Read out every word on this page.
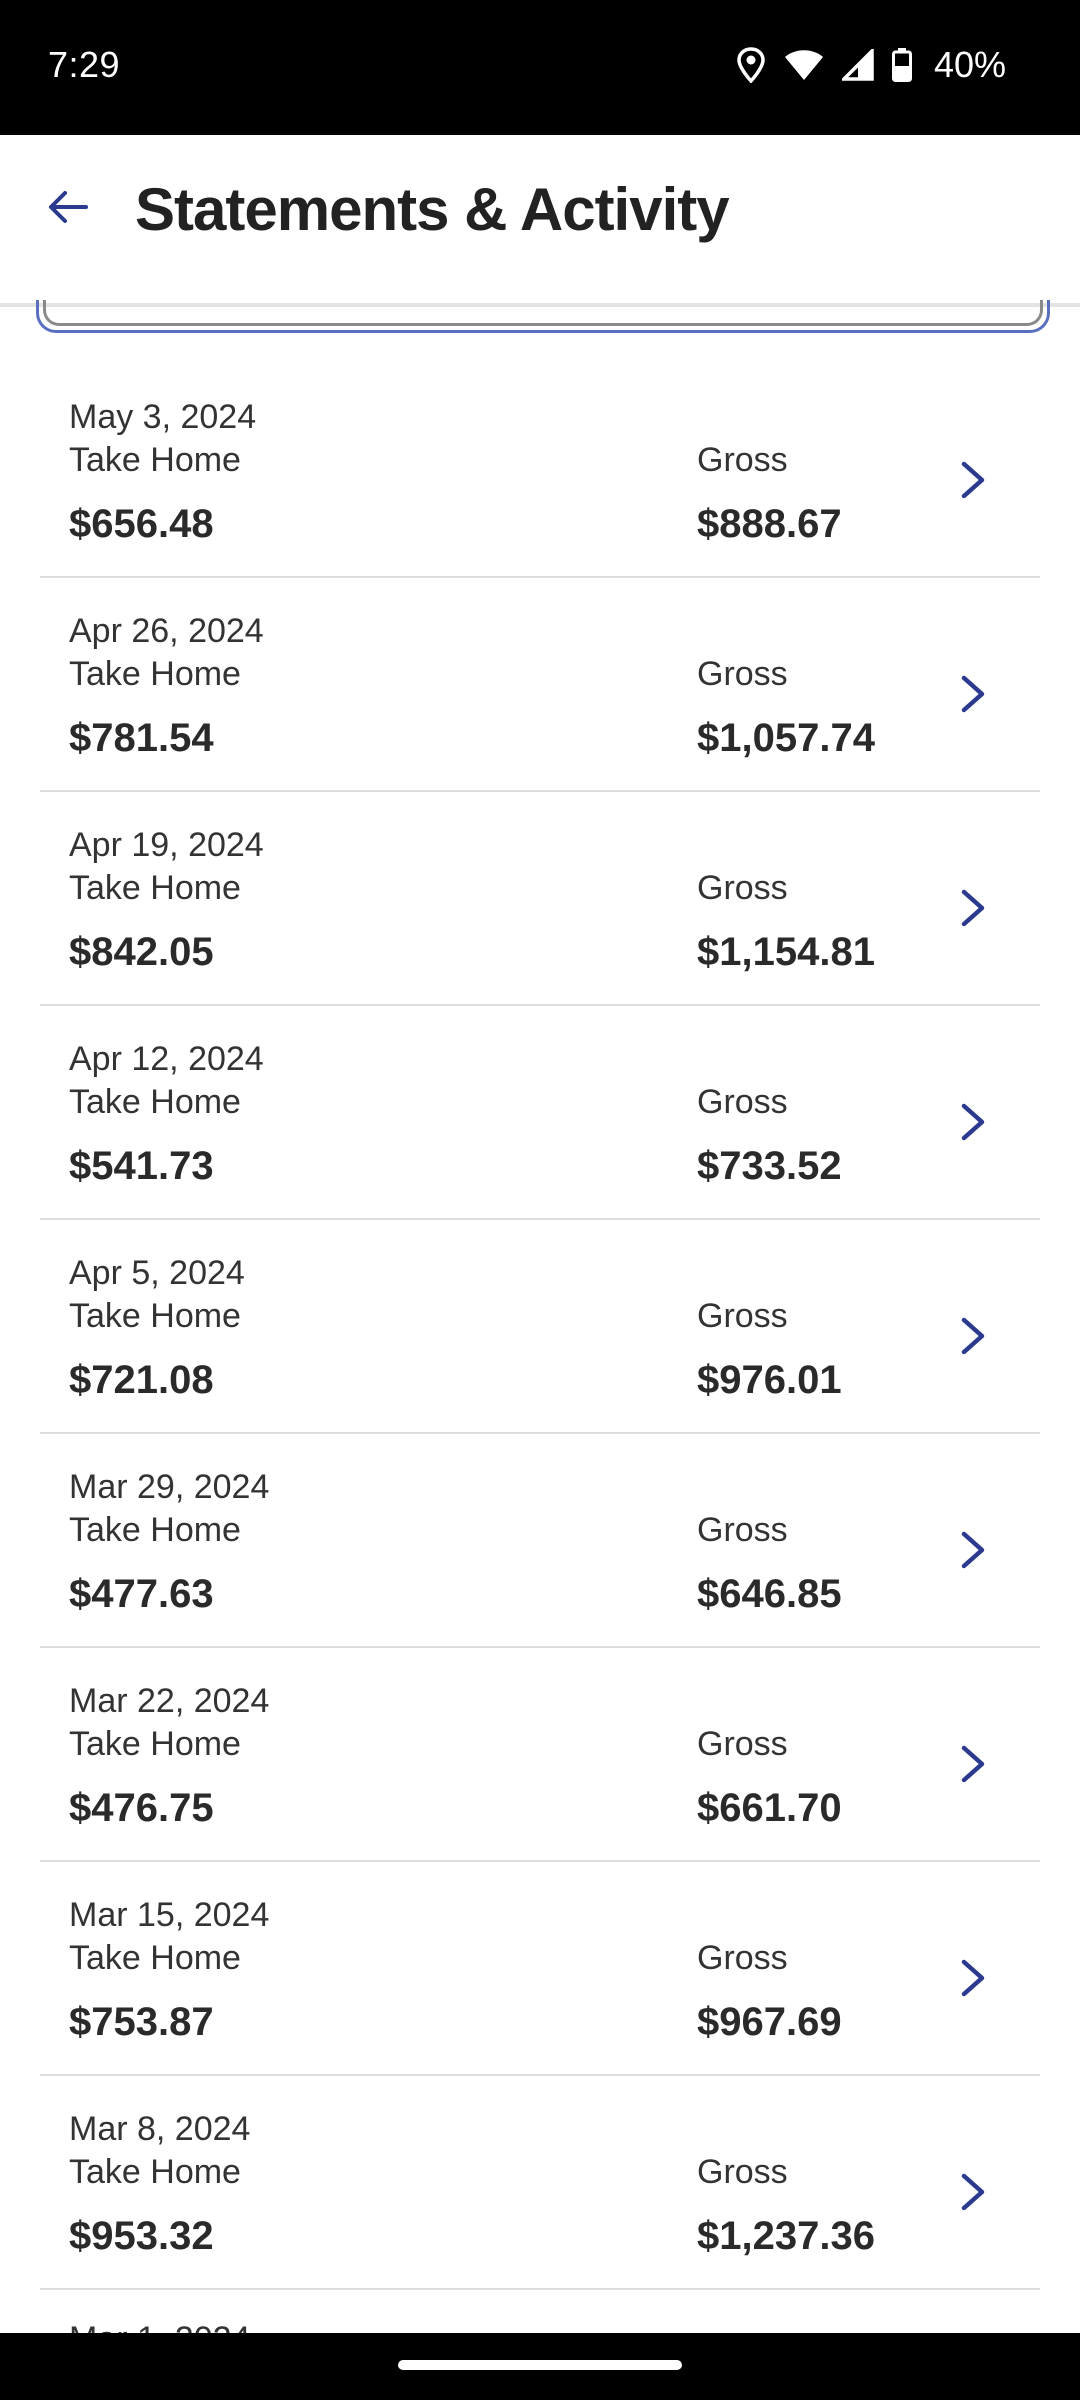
7:29	40%
Statements & Activity
May 3, 2024
Take Home
$656.48
Gross
$888.67
Apr 26, 2024
Take Home
$781.54
Gross
$1,057.74
Apr 19, 2024
Take Home
$842.05
Gross
$1,154.81
Apr 12, 2024
Take Home
$541.73
Gross
$733.52
Apr 5, 2024
Take Home
$721.08
Gross
$976.01
Mar 29, 2024
Take Home
$477.63
Gross
$646.85
Mar 22, 2024
Take Home
$476.75
Gross
$661.70
Mar 15, 2024
Take Home
$753.87
Gross
$967.69
Mar 8, 2024
Take Home
$953.32
Gross
$1,237.36
